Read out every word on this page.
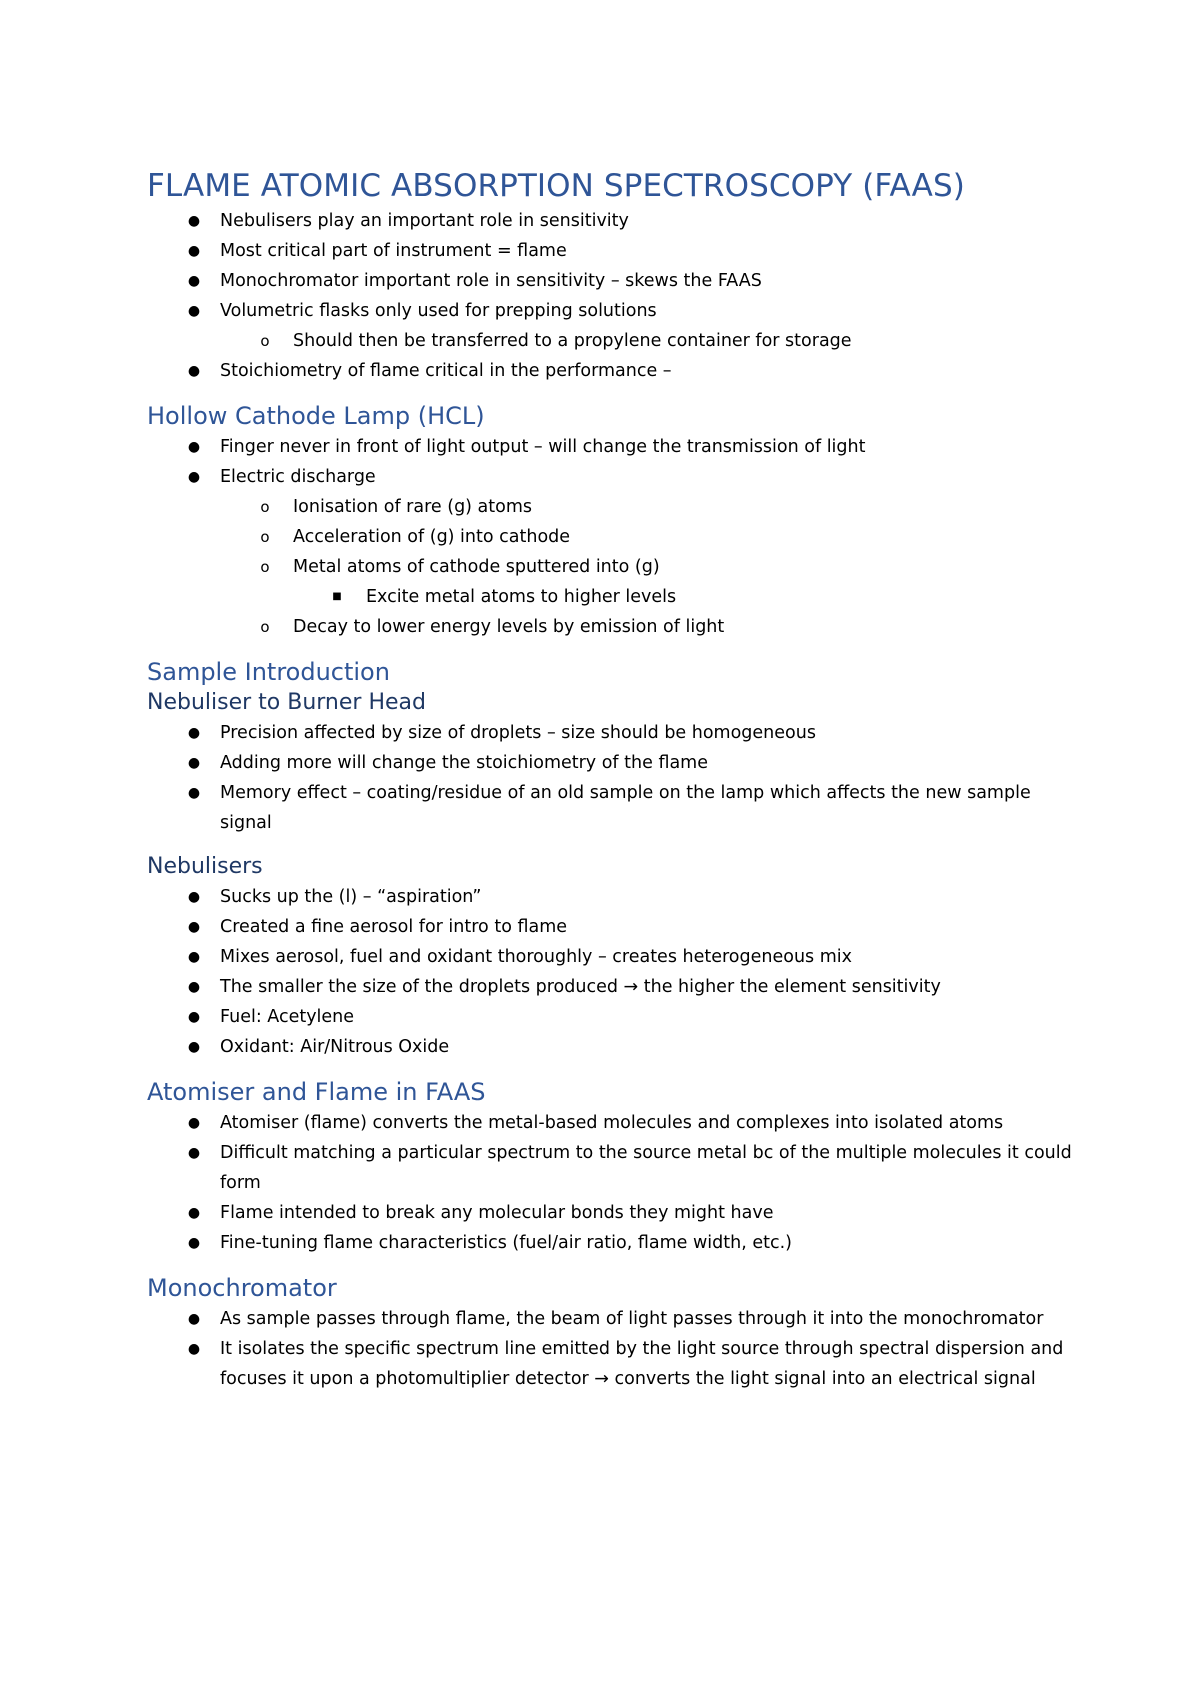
FLAME ATOMIC ABSORPTION SPECTROSCOPY (FAAS)
● Nebulisers play an important role in sensitivity
● Most critical part of instrument = flame
● Monochromator important role in sensitivity – skews the FAAS
● Volumetric flasks only used for prepping solutions
o	Should then be transferred to a propylene container for storage
● Stoichiometry of flame critical in the performance –
Hollow Cathode Lamp (HCL)
● Finger never in front of light output – will change the transmission of light
● Electric discharge
o	Ionisation of rare (g) atoms
o	Acceleration of (g) into cathode
o	Metal atoms of cathode sputtered into (g)
■	Excite metal atoms to higher levels
o	Decay to lower energy levels by emission of light
Sample Introduction
Nebuliser to Burner Head
● Precision affected by size of droplets – size should be homogeneous
● Adding more will change the stoichiometry of the flame
● Memory effect – coating/residue of an old sample on the lamp which affects the new sample signal
Nebulisers
● Sucks up the (l) – “aspiration”
● Created a fine aerosol for intro to flame
● Mixes aerosol, fuel and oxidant thoroughly – creates heterogeneous mix
● The smaller the size of the droplets produced → the higher the element sensitivity
● Fuel: Acetylene
● Oxidant: Air/Nitrous Oxide
Atomiser and Flame in FAAS
● Atomiser (flame) converts the metal-based molecules and complexes into isolated atoms
● Difficult matching a particular spectrum to the source metal bc of the multiple molecules it could form
● Flame intended to break any molecular bonds they might have
● Fine-tuning flame characteristics (fuel/air ratio, flame width, etc.)
Monochromator
● As sample passes through flame, the beam of light passes through it into the monochromator
● It isolates the specific spectrum line emitted by the light source through spectral dispersion and focuses it upon a photomultiplier detector → converts the light signal into an electrical signal
